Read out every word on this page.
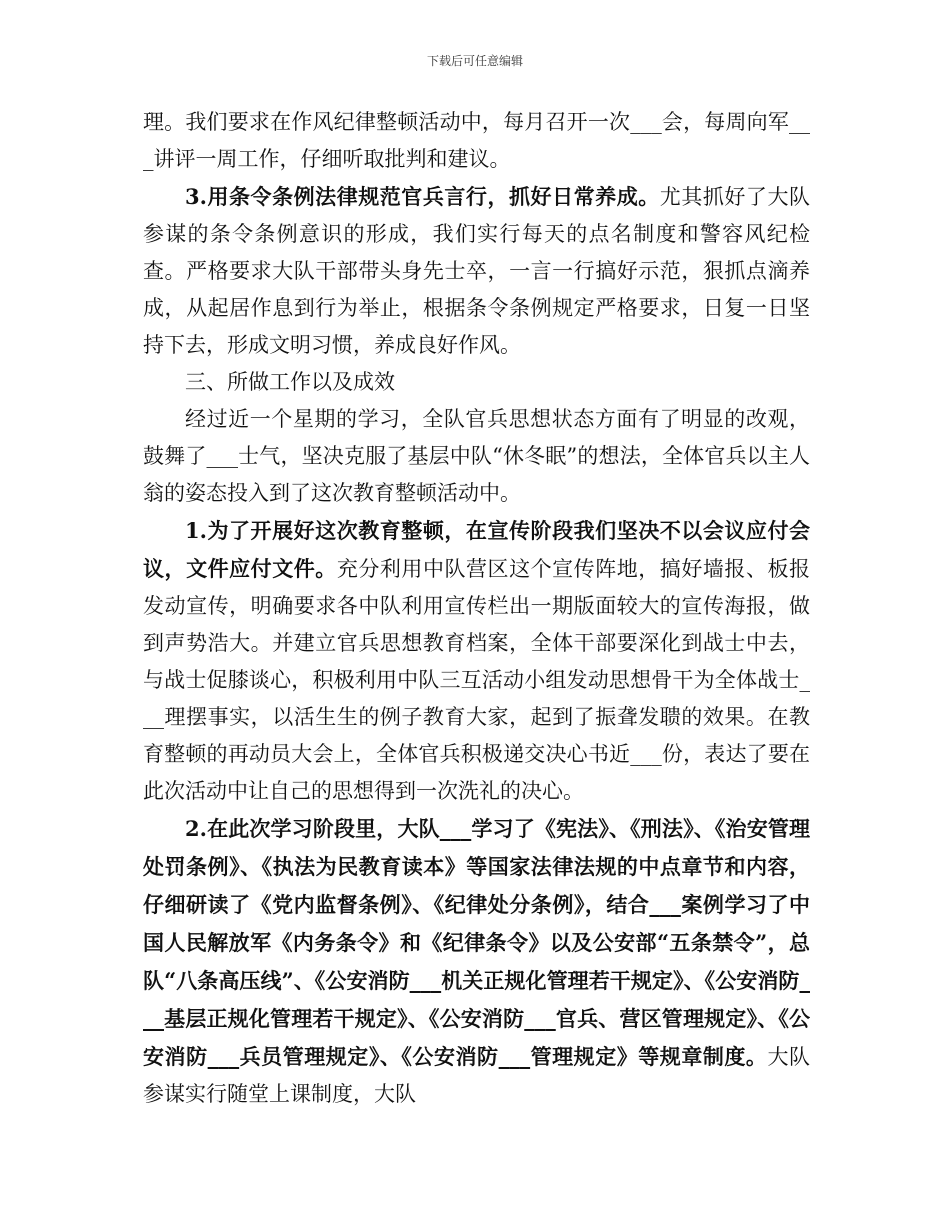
下载后可任意编辑

理。我们要求在作风纪律整顿活动中，每月召开一次___会，每周向军___讲评一周工作，仔细听取批判和建议。

3.用条令条例法律规范官兵言行，抓好日常养成。尤其抓好了大队参谋的条令条例意识的形成，我们实行每天的点名制度和警容风纪检查。严格要求大队干部带头身先士卒，一言一行搞好示范，狠抓点滴养成，从起居作息到行为举止，根据条令条例规定严格要求，日复一日坚持下去，形成文明习惯，养成良好作风。

三、所做工作以及成效

经过近一个星期的学习，全队官兵思想状态方面有了明显的改观，鼓舞了___士气，坚决克服了基层中队“休冬眠”的想法，全体官兵以主人翁的姿态投入到了这次教育整顿活动中。

1.为了开展好这次教育整顿，在宣传阶段我们坚决不以会议应付会议，文件应付文件。充分利用中队营区这个宣传阵地，搞好墙报、板报发动宣传，明确要求各中队利用宣传栏出一期版面较大的宣传海报，做到声势浩大。并建立官兵思想教育档案，全体干部要深化到战士中去，与战士促膝谈心，积极利用中队三互活动小组发动思想骨干为全体战士___理摆事实，以活生生的例子教育大家，起到了振聋发聩的效果。在教育整顿的再动员大会上，全体官兵积极递交决心书近___份，表达了要在此次活动中让自己的思想得到一次洗礼的决心。

2.在此次学习阶段里，大队___学习了《宪法》、《刑法》、《治安管理处罚条例》、《执法为民教育读本》等国家法律法规的中点章节和内容，仔细研读了《党内监督条例》、《纪律处分条例》，结合___案例学习了中国人民解放军《内务条令》和《纪律条令》以及公安部“五条禁令”，总队“八条高压线”、《公安消防___机关正规化管理若干规定》、《公安消防___基层正规化管理若干规定》、《公安消防___官兵、营区管理规定》、《公安消防___兵员管理规定》、《公安消防___管理规定》等规章制度。大队参谋实行随堂上课制度，大队
